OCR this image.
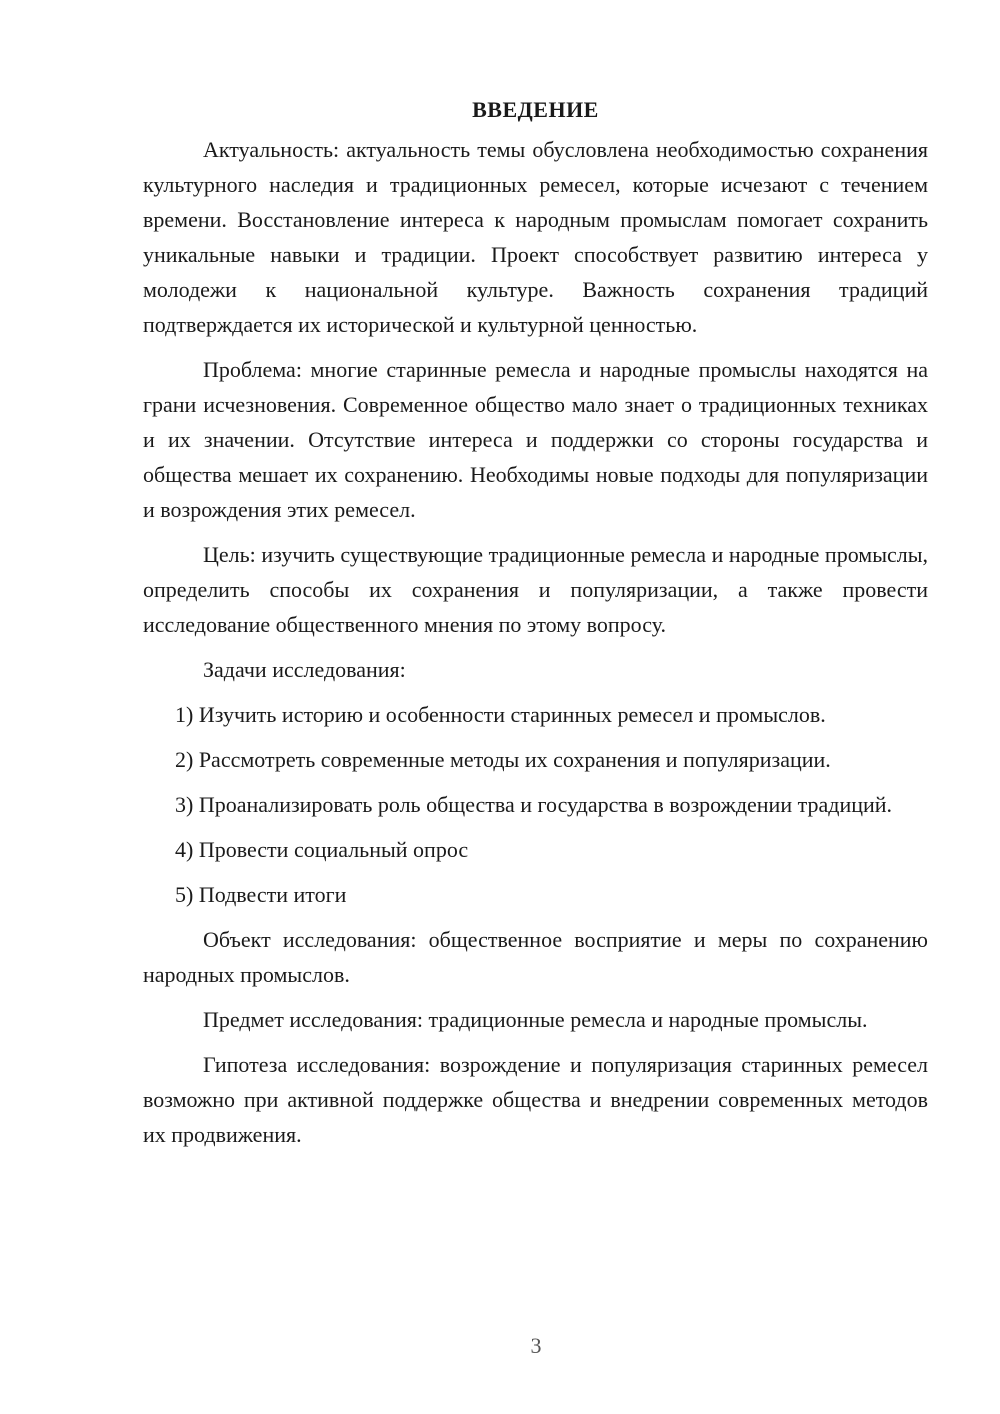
ВВЕДЕНИЕ

Актуальность: актуальность темы обусловлена необходимостью сохранения культурного наследия и традиционных ремесел, которые исчезают с течением времени. Восстановление интереса к народным промыслам помогает сохранить уникальные навыки и традиции. Проект способствует развитию интереса у молодежи к национальной культуре. Важность сохранения традиций подтверждается их исторической и культурной ценностью.

Проблема: многие старинные ремесла и народные промыслы находятся на грани исчезновения. Современное общество мало знает о традиционных техниках и их значении. Отсутствие интереса и поддержки со стороны государства и общества мешает их сохранению. Необходимы новые подходы для популяризации и возрождения этих ремесел.

Цель: изучить существующие традиционные ремесла и народные промыслы, определить способы их сохранения и популяризации, а также провести исследование общественного мнения по этому вопросу.

Задачи исследования:

1) Изучить историю и особенности старинных ремесел и промыслов.

2) Рассмотреть современные методы их сохранения и популяризации.

3) Проанализировать роль общества и государства в возрождении традиций.

4) Провести социальный опрос

5) Подвести итоги

Объект исследования: общественное восприятие и меры по сохранению народных промыслов.

Предмет исследования: традиционные ремесла и народные промыслы.

Гипотеза исследования: возрождение и популяризация старинных ремесел возможно при активной поддержке общества и внедрении современных методов их продвижения.

3
